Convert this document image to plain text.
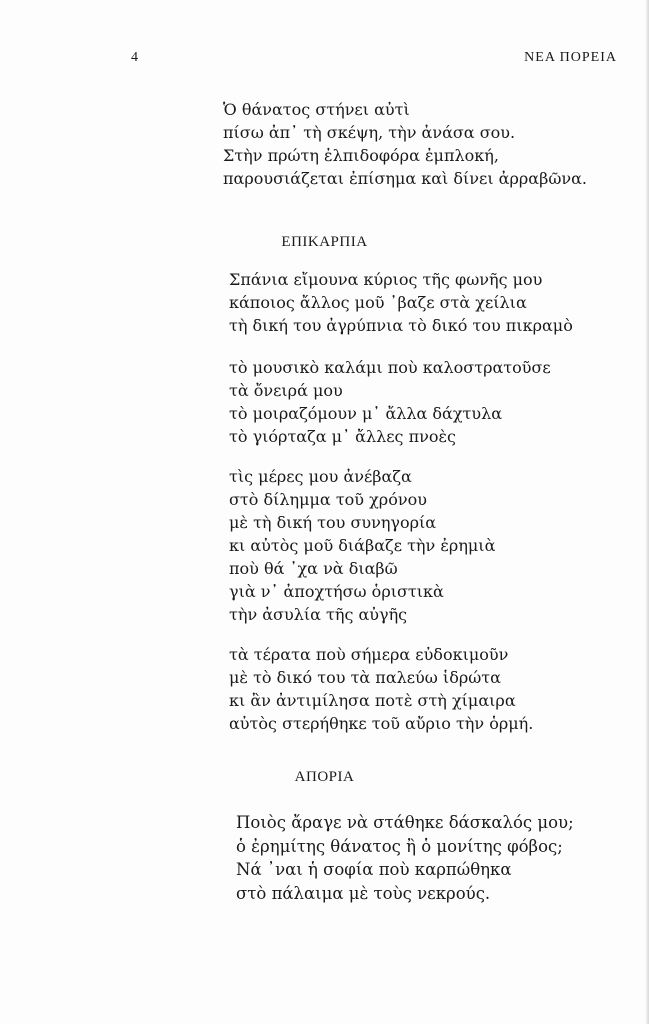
4	ΝΕΑ ΠΟΡΕΙΑ
Ὁ θάνατος στήνει αὐτὶ
πίσω ἀπ᾿ τὴ σκέψη, τὴν ἀνάσα σου.
Στὴν πρώτη ἐλπιδοφόρα ἐμπλοκή,
παρουσιάζεται ἐπίσημα καὶ δίνει ἀρραβῶνα.
ΕΠΙΚΑΡΠΙΑ
Σπάνια εἴμουνα κύριος τῆς φωνῆς μου
κάποιος ἄλλος μοῦ ᾿βαζε στὰ χείλια
τὴ δική του ἀγρύπνια τὸ δικό του πικραμὸ
τὸ μουσικὸ καλάμι ποὺ καλοστρατοῦσε
τὰ ὄνειρά μου
τὸ μοιραζόμουν μ᾿ ἄλλα δάχτυλα
τὸ γιόρταζα μ᾿ ἄλλες πνοὲς
τὶς μέρες μου ἀνέβαζα
στὸ δίλημμα τοῦ χρόνου
μὲ τὴ δική του συνηγορία
κι αὐτὸς μοῦ διάβαζε τὴν ἐρημιὰ
ποὺ θά ᾿χα νὰ διαβῶ
γιὰ ν᾿ ἀποχτήσω ὁριστικὰ
τὴν ἀσυλία τῆς αὐγῆς
τὰ τέρατα ποὺ σήμερα εὐδοκιμοῦν
μὲ τὸ δικό του τὰ παλεύω ἱδρώτα
κι ἂν ἀντιμίλησα ποτὲ στὴ χίμαιρα
αὐτὸς στερήθηκε τοῦ αὔριο τὴν ὁρμή.
ΑΠΟΡΙΑ
Ποιὸς ἄραγε νὰ στάθηκε δάσκαλός μου;
ὁ ἐρημίτης θάνατος ἢ ὁ μονίτης φόβος;
Νά ᾿ναι ἡ σοφία ποὺ καρπώθηκα
στὸ πάλαιμα μὲ τοὺς νεκρούς.
